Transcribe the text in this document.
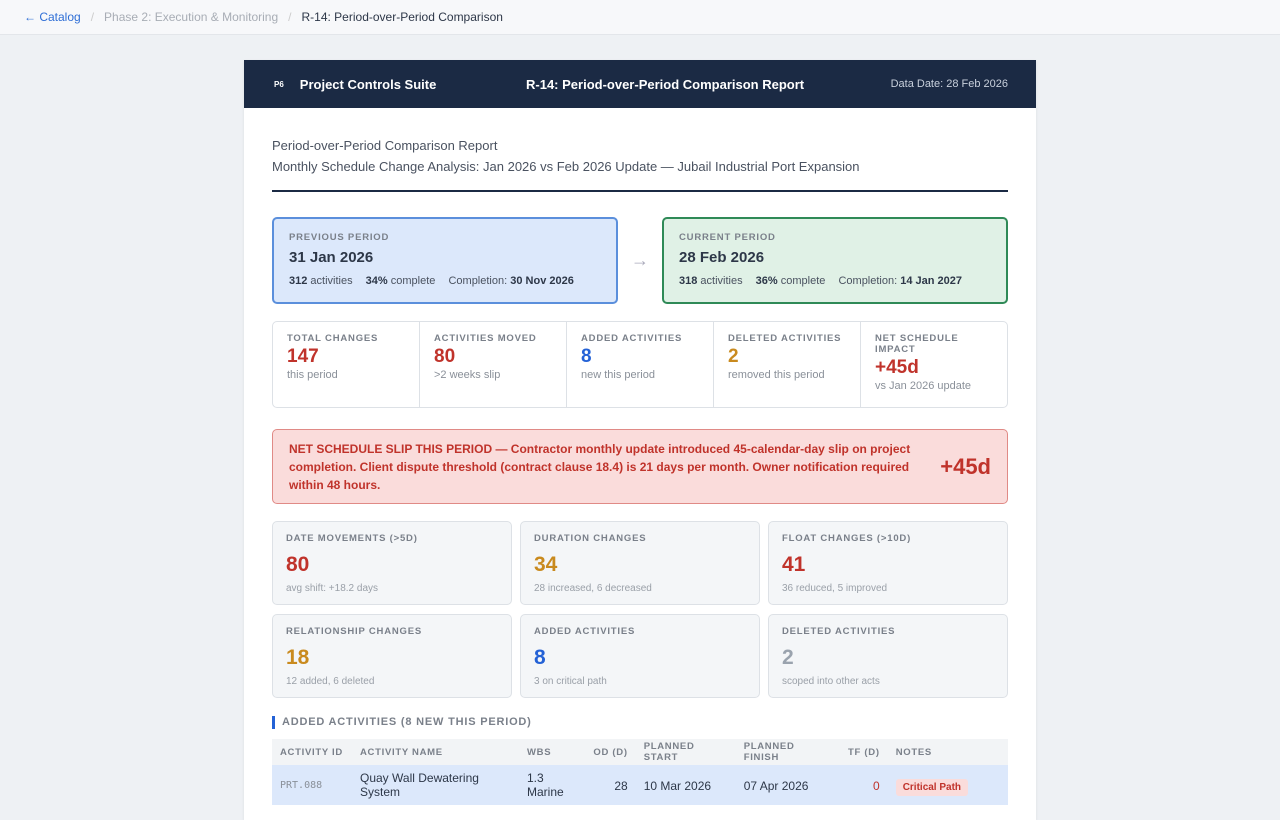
← Catalog / Phase 2: Execution & Monitoring / R-14: Period-over-Period Comparison
P6 Project Controls Suite	R-14: Period-over-Period Comparison Report	Data Date: 28 Feb 2026
Period-over-Period Comparison Report
Monthly Schedule Change Analysis: Jan 2026 vs Feb 2026 Update — Jubail Industrial Port Expansion
PREVIOUS PERIOD
31 Jan 2026
312 activities 34% complete Completion: 30 Nov 2026
→
CURRENT PERIOD
28 Feb 2026
318 activities 36% complete Completion: 14 Jan 2027
TOTAL CHANGES
147
this period
ACTIVITIES MOVED
80
>2 weeks slip
ADDED ACTIVITIES
8
new this period
DELETED ACTIVITIES
2
removed this period
NET SCHEDULE IMPACT
+45d
vs Jan 2026 update
NET SCHEDULE SLIP THIS PERIOD — Contractor monthly update introduced 45-calendar-day slip on project completion. Client dispute threshold (contract clause 18.4) is 21 days per month. Owner notification required within 48 hours.
+45d
DATE MOVEMENTS (>5D)
80
avg shift: +18.2 days
DURATION CHANGES
34
28 increased, 6 decreased
FLOAT CHANGES (>10D)
41
36 reduced, 5 improved
RELATIONSHIP CHANGES
18
12 added, 6 deleted
ADDED ACTIVITIES
8
3 on critical path
DELETED ACTIVITIES
2
scoped into other acts
ADDED ACTIVITIES (8 NEW THIS PERIOD)
ACTIVITY ID	ACTIVITY NAME	WBS	OD (D)	PLANNED START	PLANNED FINISH	TF (D)	NOTES
PRT.088	Quay Wall Dewatering System	1.3 Marine	28	10 Mar 2026	07 Apr 2026	0	Critical Path
